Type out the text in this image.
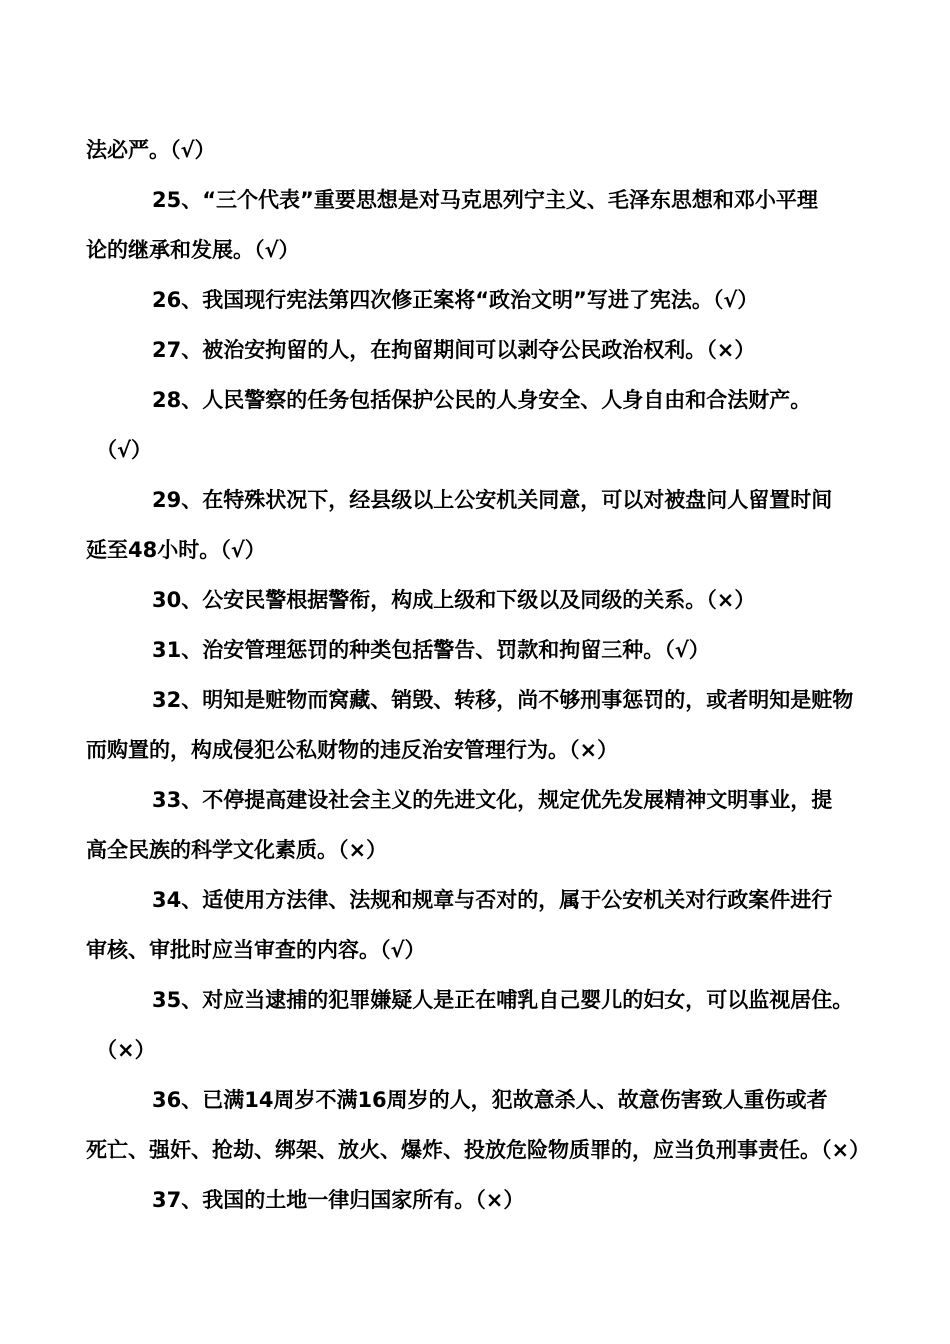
法必严。（√）
25、“三个代表”重要思想是对马克思列宁主义、毛泽东思想和邓小平理
论的继承和发展。（√）
26、我国现行宪法第四次修正案将“政治文明”写进了宪法。（√）
27、被治安拘留的人，在拘留期间可以剥夺公民政治权利。（×）
28、人民警察的任务包括保护公民的人身安全、人身自由和合法财产。
（√）
29、在特殊状况下，经县级以上公安机关同意，可以对被盘问人留置时间
延至48小时。（√）
30、公安民警根据警衔，构成上级和下级以及同级的关系。（×）
31、治安管理惩罚的种类包括警告、罚款和拘留三种。（√）
32、明知是赃物而窝藏、销毁、转移，尚不够刑事惩罚的，或者明知是赃物
而购置的，构成侵犯公私财物的违反治安管理行为。（×）
33、不停提高建设社会主义的先进文化，规定优先发展精神文明事业，提
高全民族的科学文化素质。（×）
34、适使用方法律、法规和规章与否对的，属于公安机关对行政案件进行
审核、审批时应当审查的内容。（√）
35、对应当逮捕的犯罪嫌疑人是正在哺乳自己婴儿的妇女，可以监视居住。
（×）
36、已满14周岁不满16周岁的人，犯故意杀人、故意伤害致人重伤或者
死亡、强奸、抢劫、绑架、放火、爆炸、投放危险物质罪的，应当负刑事责任。（×）
37、我国的土地一律归国家所有。（×）
